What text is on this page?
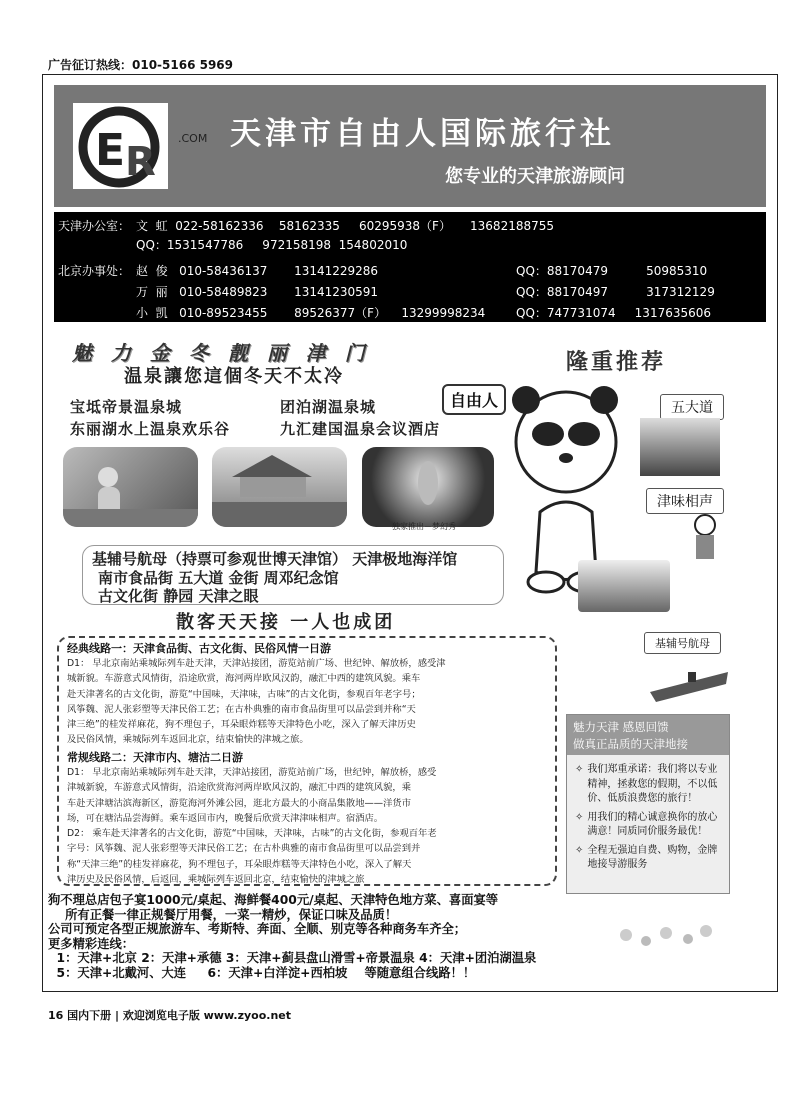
广告征订热线：010-5166 5969
E R
.COM 天津市自由人国际旅行社
您专业的天津旅游顾问
天津办公室： 文  虹  022-58162336    58162335     60295938（F）     13682188755
QQ：1531547786     972158198  154802010
北京办事处： 赵  俊   010-58436137       13141229286	QQ：88170479          50985310
万  丽   010-58489823       13141230591	QQ：88170497          317312129
小  凯   010-89523455       89526377（F）    13299998234	QQ：747731074     1317635606
魅 力 金 冬 靓 丽 津 门
温泉讓您這個冬天不太冷
宝坻帝景温泉城	团泊湖温泉城
东丽湖水上温泉欢乐谷	九汇建国温泉会议酒店
独家推出－梦幻秀
自由人
基辅号航母（持票可参观世博天津馆） 天津极地海洋馆
南市食品街 五大道 金街 周邓纪念馆
古文化街 静园 天津之眼
散客天天接 一人也成团
隆重推荐
五大道
津味相声
基辅号航母
经典线路一：天津食品街、古文化街、民俗风情一日游
D1： 早北京南站乘城际列车赴天津，天津站接团，游览站前广场、世纪钟、解放桥，感受津
城新貌。车游意式风情街，沿途欣赏，海河两岸欧风汉韵，融汇中西的建筑风貌。乘车
赴天津著名的古文化街，游览“中国味，天津味，古味”的古文化街，参观百年老字号；
风筝魏、泥人张彩塑等天津民俗工艺；在古朴典雅的南市食品街里可以品尝到并称“天
津三绝”的桂发祥麻花，狗不理包子，耳朵眼炸糕等天津特色小吃，深入了解天津历史
及民俗风情，乘城际列车返回北京，结束愉快的津城之旅。
常规线路二：天津市内、塘沽二日游
D1： 早北京南站乘城际列车赴天津，天津站接团，游览站前广场，世纪钟，解放桥，感受
津城新貌，车游意式风情街，沿途欣赏海河两岸欧风汉韵，融汇中西的建筑风貌，乘
车赴天津塘沽滨海新区，游览海河外滩公园，逛北方最大的小商品集散地——洋货市
场，可在塘沽品尝海鲜。乘车返回市内，晚餐后欣赏天津津味相声。宿酒店。
D2： 乘车赴天津著名的古文化街，游览“中国味，天津味，古味”的古文化街，参观百年老
字号：风筝魏、泥人张彩塑等天津民俗工艺；在古朴典雅的南市食品街里可以品尝到并
称“天津三绝”的桂发祥麻花，狗不理包子，耳朵眼炸糕等天津特色小吃，深入了解天
津历史及民俗风情，后返回，乘城际列车返回北京，结束愉快的津城之旅
魅力天津 感恩回馈
做真正品质的天津地接
✧ 我们郑重承诺：我们将以专业精神，拯救您的假期，不以低价、低质浪费您的旅行！
✧ 用我们的精心诚意换你的放心满意！同质同价服务最优！
✧ 全程无强迫自费、购物，金牌地接导游服务
狗不理总店包子宴1000元/桌起、海鲜餐400元/桌起、天津特色地方菜、喜面宴等
所有正餐一律正规餐厅用餐，一菜一精炒，保证口味及品质！
公司可预定各型正规旅游车、考斯特、奔面、全顺、别克等各种商务车齐全；
更多精彩连线：
1：天津+北京 2：天津+承德 3：天津+蓟县盘山滑雪+帝景温泉 4：天津+团泊湖温泉
5：天津+北戴河、大连     6：天津+白洋淀+西柏坡    等随意组合线路！！
16 国内下册 | 欢迎浏览电子版 www.zyoo.net
